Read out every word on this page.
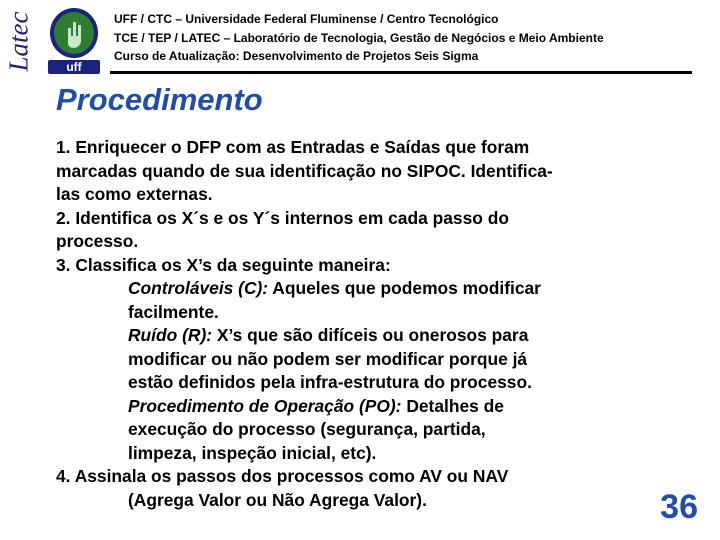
Latec	uff
UFF / CTC – Universidade Federal Fluminense / Centro Tecnológico
TCE / TEP / LATEC – Laboratório de Tecnologia, Gestão de Negócios e Meio Ambiente
Curso de Atualização: Desenvolvimento de Projetos Seis Sigma
Procedimento
1. Enriquecer o DFP com as Entradas e Saídas que foram
marcadas quando de sua identificação no SIPOC. Identifica-
las como externas.
2. Identifica os X´s e os Y´s internos em cada passo do
processo.
3. Classifica os X’s da seguinte maneira:
Controláveis (C): Aqueles que podemos modificar
facilmente.
Ruído (R): X’s que são difíceis ou onerosos para
modificar ou não podem ser modificar porque já
estão definidos pela infra-estrutura do processo.
Procedimento de Operação (PO): Detalhes de
execução do processo (segurança, partida,
limpeza, inspeção inicial, etc).
4. Assinala os passos dos processos como AV ou NAV
(Agrega Valor ou Não Agrega Valor).	36
